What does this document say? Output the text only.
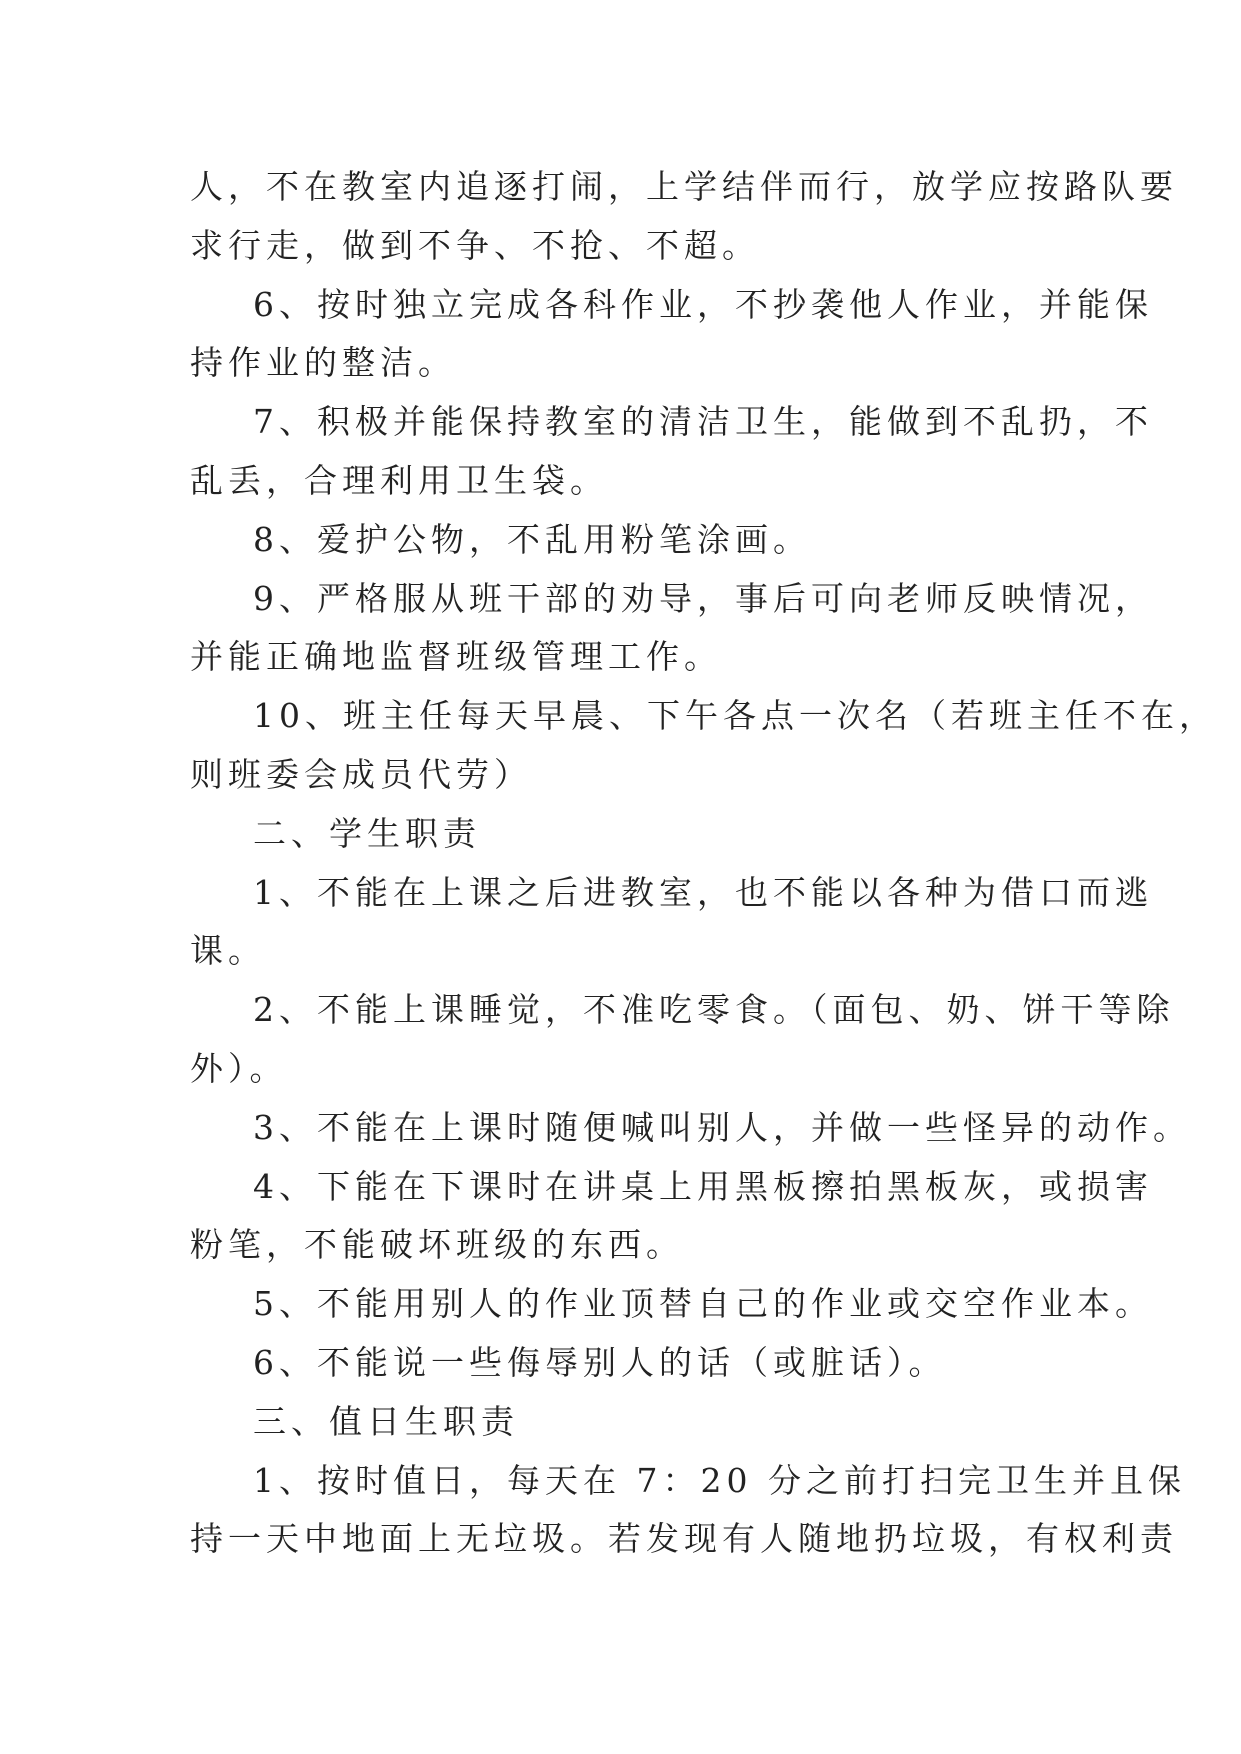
人，不在教室内追逐打闹，上学结伴而行，放学应按路队要
求行走，做到不争、不抢、不超。
6、按时独立完成各科作业，不抄袭他人作业，并能保
持作业的整洁。
7、积极并能保持教室的清洁卫生，能做到不乱扔，不
乱丢，合理利用卫生袋。
8、爱护公物，不乱用粉笔涂画。
9、严格服从班干部的劝导，事后可向老师反映情况，
并能正确地监督班级管理工作。
10、班主任每天早晨、下午各点一次名（若班主任不在，
则班委会成员代劳）
二、学生职责
1、不能在上课之后进教室，也不能以各种为借口而逃
课。
2、不能上课睡觉，不准吃零食。（面包、奶、饼干等除
外）。
3、不能在上课时随便喊叫别人，并做一些怪异的动作。
4、下能在下课时在讲桌上用黑板擦拍黑板灰，或损害
粉笔，不能破坏班级的东西。
5、不能用别人的作业顶替自己的作业或交空作业本。
6、不能说一些侮辱别人的话（或脏话）。
三、值日生职责
1、按时值日，每天在 7：20 分之前打扫完卫生并且保
持一天中地面上无垃圾。若发现有人随地扔垃圾，有权利责
